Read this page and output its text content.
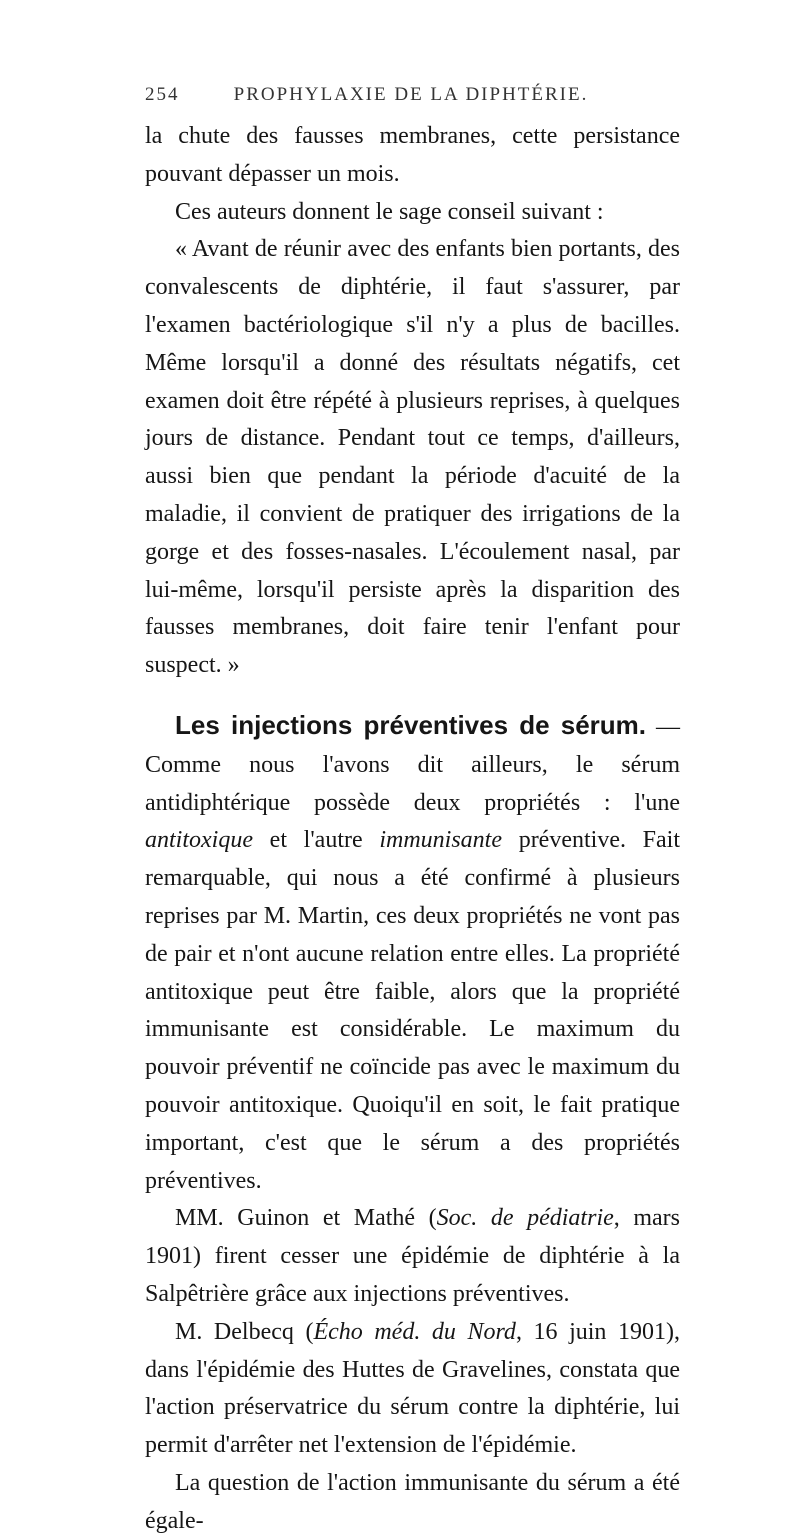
254	PROPHYLAXIE DE LA DIPHTÉRIE.

la chute des fausses membranes, cette persistance pouvant dépasser un mois.

Ces auteurs donnent le sage conseil suivant :

« Avant de réunir avec des enfants bien portants, des convalescents de diphtérie, il faut s'assurer, par l'examen bactériologique s'il n'y a plus de bacilles. Même lorsqu'il a donné des résultats négatifs, cet examen doit être répété à plusieurs reprises, à quelques jours de distance. Pendant tout ce temps, d'ailleurs, aussi bien que pendant la période d'acuité de la maladie, il convient de pratiquer des irrigations de la gorge et des fosses-nasales. L'écoulement nasal, par lui-même, lorsqu'il persiste après la disparition des fausses membranes, doit faire tenir l'enfant pour suspect. »

Les injections préventives de sérum. — Comme nous l'avons dit ailleurs, le sérum antidiphtérique possède deux propriétés : l'une antitoxique et l'autre immunisante préventive. Fait remarquable, qui nous a été confirmé à plusieurs reprises par M. Martin, ces deux propriétés ne vont pas de pair et n'ont aucune relation entre elles. La propriété antitoxique peut être faible, alors que la propriété immunisante est considérable. Le maximum du pouvoir préventif ne coïncide pas avec le maximum du pouvoir antitoxique. Quoiqu'il en soit, le fait pratique important, c'est que le sérum a des propriétés préventives.

MM. Guinon et Mathé (Soc. de pédiatrie, mars 1901) firent cesser une épidémie de diphtérie à la Salpêtrière grâce aux injections préventives.

M. Delbecq (Écho méd. du Nord, 16 juin 1901), dans l'épidémie des Huttes de Gravelines, constata que l'action préservatrice du sérum contre la diphtérie, lui permit d'arrêter net l'extension de l'épidémie.

La question de l'action immunisante du sérum a été égale-
